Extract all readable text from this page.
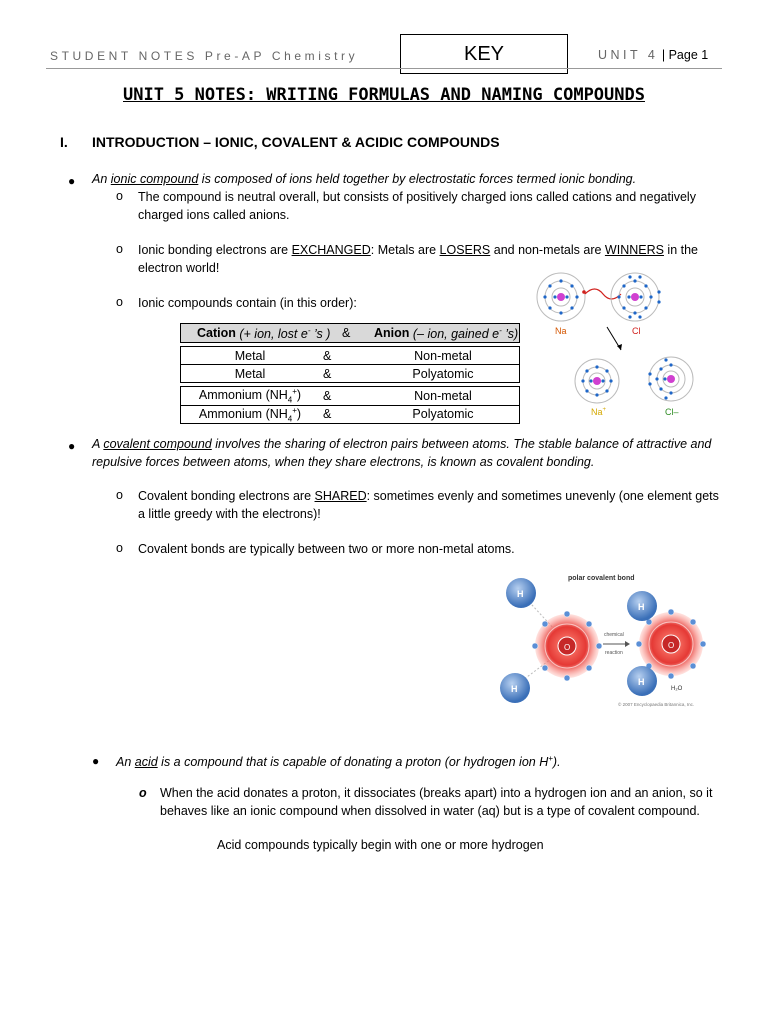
STUDENT NOTES Pre-AP Chemistry	KEY	UNIT 4 | Page 1
UNIT 5 NOTES: WRITING FORMULAS AND NAMING COMPOUNDS
I. INTRODUCTION – IONIC, COVALENT & ACIDIC COMPOUNDS
● An ionic compound is composed of ions held together by electrostatic forces termed ionic bonding.

o The compound is neutral overall, but consists of positively charged ions called cations and negatively charged ions called anions.

o Ionic bonding electrons are EXCHANGED: Metals are LOSERS and non-metals are WINNERS in the electron world!

o Ionic compounds contain (in this order):

Cation (+ ion, lost e- ’s ) &	Anion (– ion, gained e- ’s)
Metal	&	Non-metal
Metal	&	Polyatomic
Ammonium $(NH_4^+)$	&	Non-metal
Ammonium $(NH_4^+)$	&	Polyatomic
Na	Cl
Na+	Cl–
● A covalent compound involves the sharing of electron pairs between atoms. The stable balance of attractive and repulsive forces between atoms, when they share electrons, is known as covalent bonding.

o Covalent bonding electrons are SHARED: sometimes evenly and sometimes unevenly (one element gets a little greedy with the electrons)!

o Covalent bonds are typically between two or more non-metal atoms.

polar covalent bond
O
H
H
chemical
reaction
O
H
H
H₂O
© 2007 Encyclopaedia Britannica, Inc.
● An acid is a compound that is capable of donating a proton (or hydrogen ion H+).

o When the acid donates a proton, it dissociates (breaks apart) into a hydrogen ion and an anion, so it behaves like an ionic compound when dissolved in water (aq) but is a type of covalent compound.

Acid compounds typically begin with one or more hydrogen
